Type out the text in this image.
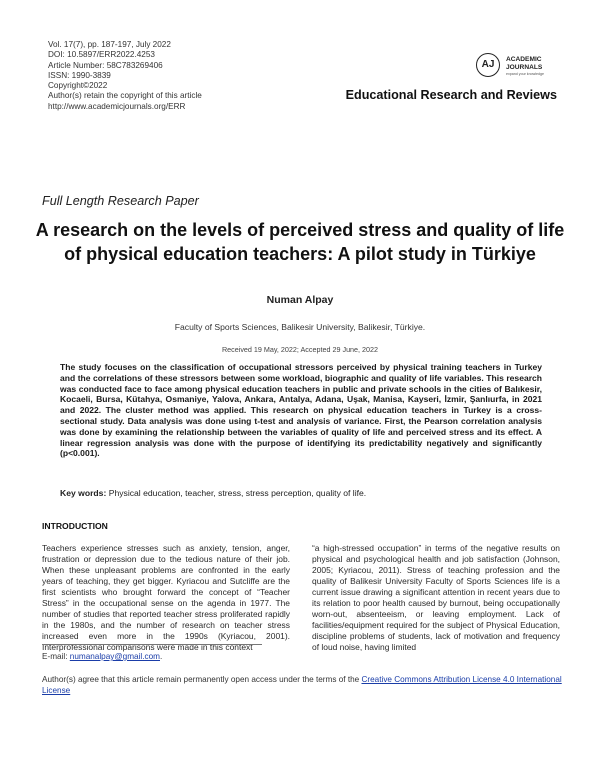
Vol. 17(7), pp. 187-197, July 2022
DOI: 10.5897/ERR2022.4253
Article Number: 58C783269406
ISSN: 1990-3839
Copyright©2022
Author(s) retain the copyright of this article
http://www.academicjournals.org/ERR
AJ	ACADEMIC
JOURNALS
expand your knowledge
Educational Research and Reviews
Full Length Research Paper
A research on the levels of perceived stress and quality of life of physical education teachers: A pilot study in Türkiye
Numan Alpay
Faculty of Sports Sciences, Balikesir University, Balikesir, Türkiye.
Received 19 May, 2022; Accepted 29 June, 2022
The study focuses on the classification of occupational stressors perceived by physical training teachers in Turkey and the correlations of these stressors between some workload, biographic and quality of life variables. This research was conducted face to face among physical education teachers in public and private schools in the cities of Balıkesir, Kocaeli, Bursa, Kütahya, Osmaniye, Yalova, Ankara, Antalya, Adana, Uşak, Manisa, Kayseri, İzmir, Şanlıurfa, in 2021 and 2022. The cluster method was applied. This research on physical education teachers in Turkey is a cross-sectional study. Data analysis was done using t-test and analysis of variance. First, the Pearson correlation analysis was done by examining the relationship between the variables of quality of life and perceived stress and its effect. A linear regression analysis was done with the purpose of identifying its predictability negatively and significantly (p<0.001).
Key words: Physical education, teacher, stress, stress perception, quality of life.
INTRODUCTION
Teachers experience stresses such as anxiety, tension, anger, frustration or depression due to the tedious nature of their job. When these unpleasant problems are confronted in the early years of teaching, they get bigger. Kyriacou and Sutcliffe are the first scientists who brought forward the concept of “Teacher Stress” in the occupational sense on the agenda in 1977. The number of studies that reported teacher stress proliferated rapidly in the 1980s, and the number of research on teacher stress increased even more in the 1990s (Kyriacou, 2001). Interprofessional comparisons were made in this context
“a high-stressed occupation” in terms of the negative results on physical and psychological health and job satisfaction (Johnson, 2005; Kyriacou, 2011). Stress of teaching profession and the quality of Balikesir University Faculty of Sports Sciences life is a current issue drawing a significant attention in recent years due to its relation to poor health caused by burnout, being occupationally worn-out, absenteeism, or leaving employment. Lack of facilities/equipment required for the subject of Physical Education, discipline problems of students, lack of motivation and frequency of loud noise, having limited
E-mail: numanalpay@gmail.com.
Author(s) agree that this article remain permanently open access under the terms of the Creative Commons Attribution License 4.0 International License
